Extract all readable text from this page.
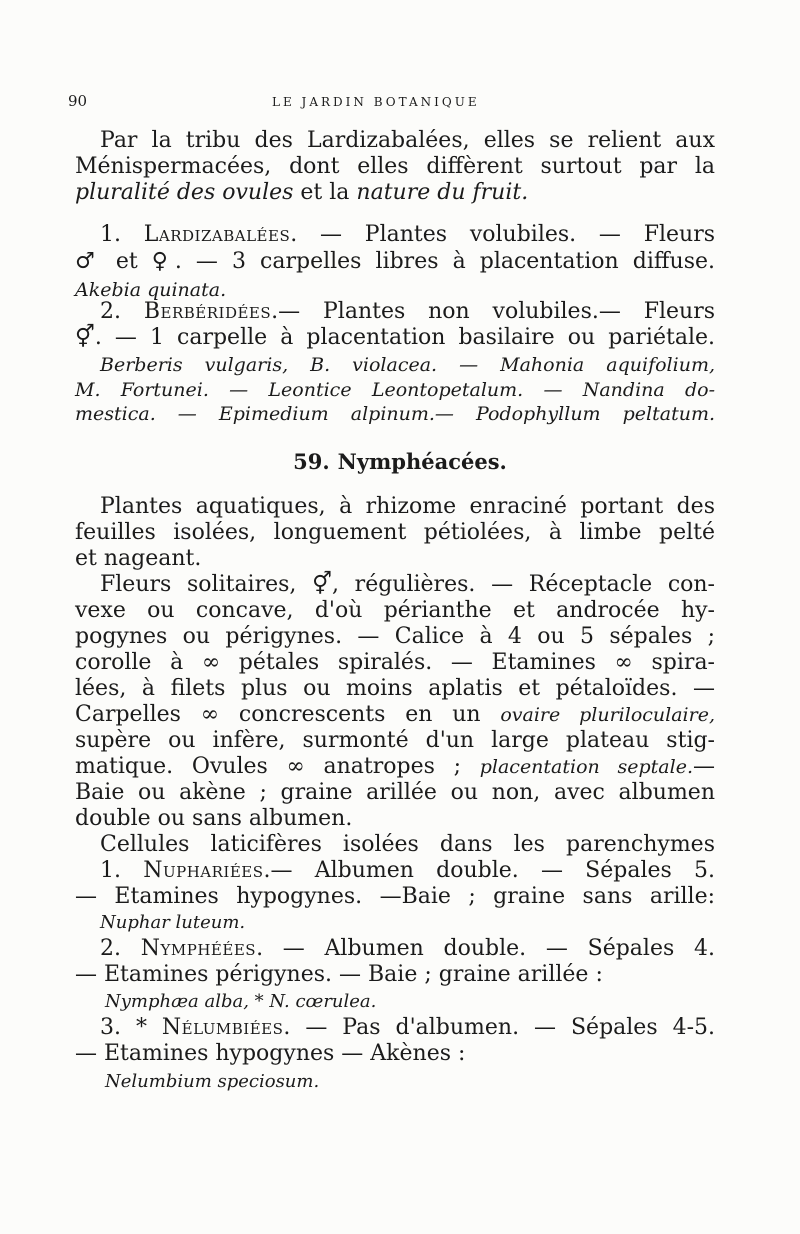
90	LE JARDIN BOTANIQUE
Par la tribu des Lardizabalées, elles se relient aux
Ménispermacées, dont elles diffèrent surtout par la
pluralité des ovules et la nature du fruit.
1. Lardizabalées. — Plantes volubiles. — Fleurs
♂ et ♀. — 3 carpelles libres à placentation diffuse.
Akebia quinata.
2. Berbéridées.— Plantes non volubiles.— Fleurs
⚥. — 1 carpelle à placentation basilaire ou pariétale.
Berberis vulgaris, B. violacea. — Mahonia aquifolium,
M. Fortunei. — Leontice Leontopetalum. — Nandina do-
mestica. — Epimedium alpinum.— Podophyllum peltatum.
59. Nymphéacées.
Plantes aquatiques, à rhizome enraciné portant des
feuilles isolées, longuement pétiolées, à limbe pelté
et nageant.
Fleurs solitaires, ⚥, régulières. — Réceptacle con-
vexe ou concave, d'où périanthe et androcée hy-
pogynes ou périgynes. — Calice à 4 ou 5 sépales ;
corolle à ∞ pétales spiralés. — Etamines ∞ spira-
lées, à filets plus ou moins aplatis et pétaloïdes. —
Carpelles ∞ concrescents en un ovaire pluriloculaire,
supère ou infère, surmonté d'un large plateau stig-
matique. Ovules ∞ anatropes ; placentation septale.—
Baie ou akène ; graine arillée ou non, avec albumen
double ou sans albumen.
Cellules laticifères isolées dans les parenchymes
1. Nuphariées.— Albumen double. — Sépales 5.
— Etamines hypogynes. —Baie ; graine sans arille:
Nuphar luteum.
2. Nymphéées. — Albumen double. — Sépales 4.
— Etamines périgynes. — Baie ; graine arillée :
Nymphæa alba, * N. cœrulea.
3. * Nélumbiées. — Pas d'albumen. — Sépales 4-5.
— Etamines hypogynes — Akènes :
Nelumbium speciosum.
